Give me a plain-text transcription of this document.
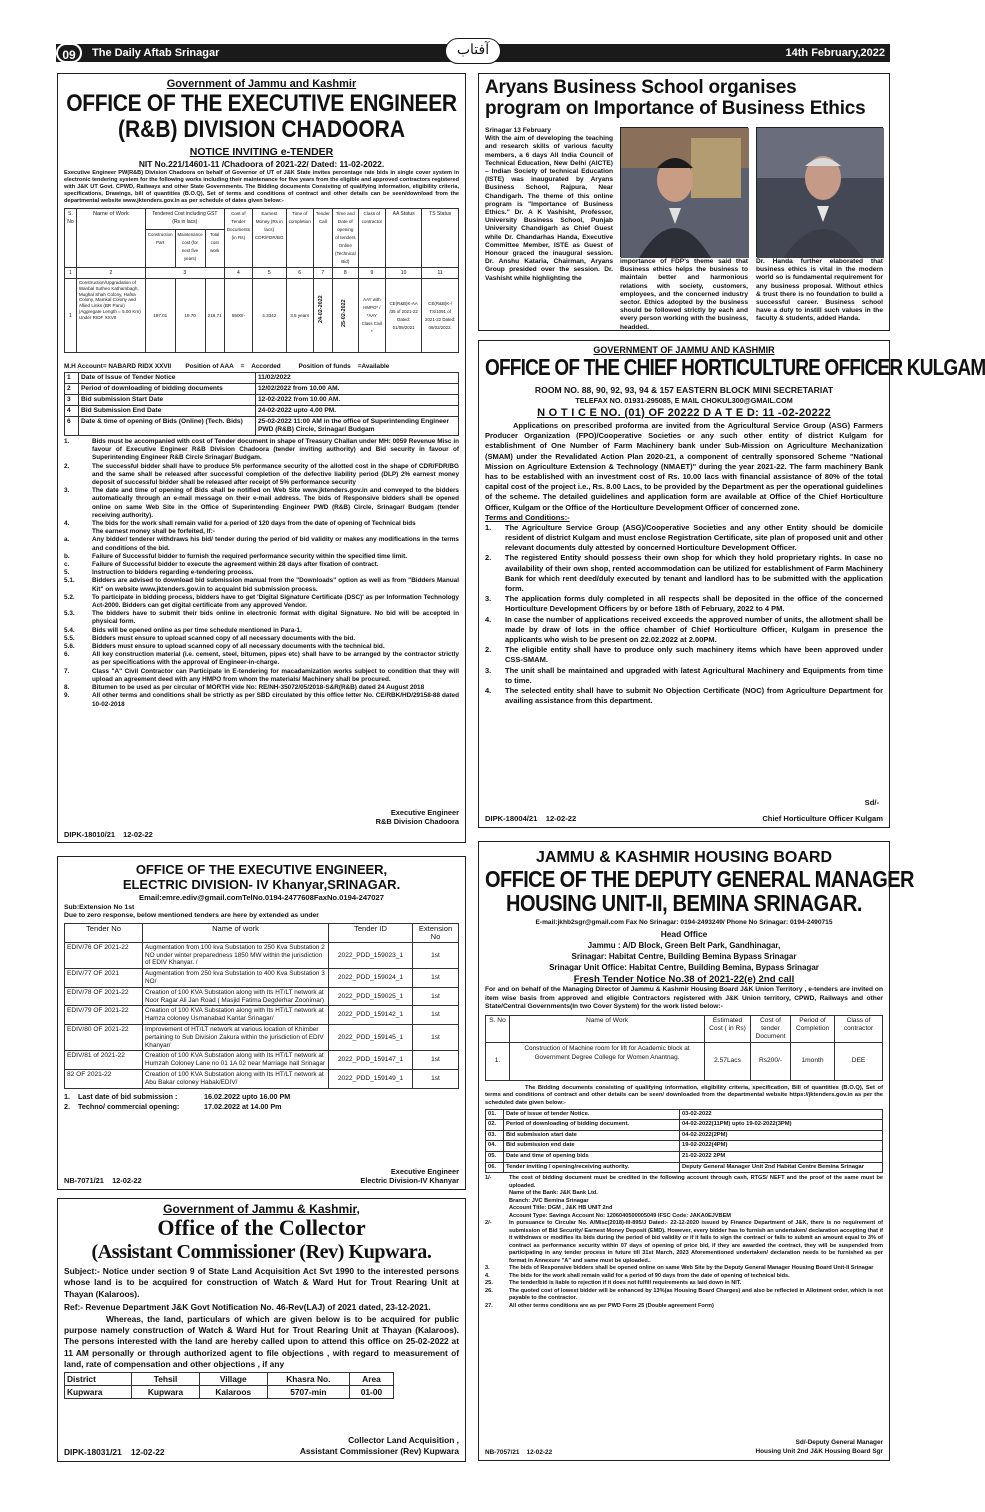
09	The Daily Aftab Srinagar	آفتاب	14th February,2022
Government of Jammu and Kashmir
OFFICE OF THE EXECUTIVE ENGINEER
(R&B) DIVISION CHADOORA
NOTICE INVITING e-TENDER
NIT No.221/14601-11 /Chadoora of 2021-22/ Dated: 11-02-2022.

Executive Engineer PW(R&B) Division Chadoora on behalf of Governor of UT of J&K State invites percentage rate bids in single cover system in electronic tendering system for the following works including their maintenance for five years from the eligible and approved contractors registered with J&K UT Govt. CPWD, Railways and other State Governments. The Bidding documents Consisting of qualifying information, eligibility criteria, specifications, Drawings, bill of quantities (B.O.Q), Set of terms and conditions of contract and other details can be seen/download from the departmental website www.jktenders.gov.in as per schedule of dates given below:-

S. No	Name of Work	Tendered Cost including GST (Rs in lacs)			Cost of Tender Documents (in Rs)	Earnest Money (Rs in lacs) CDR/FDR/BG	Time of completion	Tender Call	Time and Date of opening of tenders Online (Technical Bid)	Class of contractor	AA Status	TS Status
		Construction Part	Maintenance cost (for next five years)	Total cost work								
1	2	3			4	5	6	7	8	9	10	11
1	Construction/Upgradation of Wanbal Sutheo Kathambagh, Mughal Shah Colony, Hafsa Colony, Mamkal Colony and Allied Links (BR Parui) (Aggregate Length = 5.00 Km) Under RIDF XXVII	197.01	19.70	216.71	5500/-	4.3342	3.5 years	24-02-2022	25-02-2022	AAY with HMPO* / *AAY Class Civil *	CE(R&B)K-AA /35 of 2021-22 Dated: 01/09/2021	CE(R&B)K-/ TS/1091 of 2021-22 Dated: 08/02/2022.
M.H Account= NABARD RIDX XXVII        Position of AAA    =    Accorded          Position of funds    =Available
1	Date of Issue of Tender Notice	11/02/2022
2	Period of downloading of bidding documents	12/02/2022 from 10.00 AM.
3	Bid submission Start Date	12-02-2022 from 10.00 AM.
4	Bid Submission End Date	24-02-2022 upto 4.00 PM.
6	Date & time of opening of Bids (Online) (Tech. Bids)	25-02-2022 11:00 AM in the office of Superintending Engineer PWD (R&B) Circle, Srinagar/ Budgam
1.	Bids must be accompanied with cost of Tender document in shape of Treasury Challan under MH: 0059 Revenue Misc in favour of Executive Engineer R&B Division Chadoora (tender inviting authority) and Bid security in favour of Superintending Engineer R&B Circle Srinagar/ Budgam.
2.	The successful bidder shall have to produce 5% performance security of the allotted cost in the shape of CDR/FDR/BG and the same shall be released after successful completion of the defective liability period (DLP) 2% earnest money deposit of successful bidder shall be released after receipt of 5% performance security
3.	The date and time of opening of Bids shall be notified on Web Site www.jktenders.gov.in and conveyed to the bidders automatically through an e-mail message on their e-mail address. The bids of Responsive bidders shall be opened online on same Web Site in the Office of Superintending Engineer PWD (R&B) Circle, Srinagar/ Budgam (tender receiving authority).
4.	The bids for the work shall remain valid for a period of 120 days from the date of opening of Technical bids
The earnest money shall be forfeited, If:-
a.	Any bidder/ tenderer withdraws his bid/ tender during the period of bid validity or makes any modifications in the terms and conditions of the bid.
b.	Failure of Successful bidder to furnish the required performance security within the specified time limit.
c.	Failure of Successful bidder to execute the agreement within 28 days after fixation of contract.
5.	Instruction to bidders regarding e-tendering process.
5.1.	Bidders are advised to download bid submission manual from the "Downloads" option as well as from "Bidders Manual Kit" on website www.jktenders.gov.in to acquaint bid submission process.
5.2.	To participate in bidding process, bidders have to get 'Digital Signature Certificate (DSC)' as per Information Technology Act-2000. Bidders can get digital certificate from any approved Vendor.
5.3.	The bidders have to submit their bids online in electronic format with digital Signature. No bid will be accepted in physical form.
5.4.	Bids will be opened online as per time schedule mentioned in Para-1.
5.5.	Bidders must ensure to upload scanned copy of all necessary documents with the bid.
5.6.	Bidders must ensure to upload scanned copy of all necessary documents with the technical bid.
6.	All key construction material (i.e. cement, steel, bitumen, pipes etc) shall have to be arranged by the contractor strictly as per specifications with the approval of Engineer-in-charge.
7.	Class "A" Civil Contractor can Participate in E-tendering for macadamization works subject to condition that they will upload an agreement deed with any HMPO from whom the materials/ Machinery shall be procured.
8.	Bitumen to be used as per circular of MORTH vide No: RE/NH-35072/05/2018-S&R(R&B) dated 24 August 2018
9.	All other terms and conditions shall be strictly as per SBD circulated by this office letter No. CE/RBK/HD/29158-88 dated 10-02-2018
Executive Engineer
R&B Division Chadoora
DIPK-18010/21    12-02-22
Aryans Business School organises
program on Importance of Business Ethics

Srinagar 13 February
With the aim of developing the teaching and research skills of various faculty members, a 6 days All India Council of Technical Education, New Delhi (AICTE) – Indian Society of technical Education (ISTE) was inaugurated by Aryans Business School, Rajpura, Near Chandigarh. The theme of this online program is "Importance of Business Ethics." Dr. A K Vashisht, Professor, University Business School, Punjab University Chandigarh as Chief Guest while Dr. Chandarhas Handa, Executive Committee Member, ISTE as Guest of Honour graced the inaugural session. Dr. Anshu Kataria, Chairman, Aryans Group presided over the session. Dr. Vashisht while highlighting the

importance of FDP's theme said that Business ethics helps the business to maintain better and harmonious relations with society, customers, employees, and the concerned industry sector. Ethics adopted by the business should be followed strictly by each and every person working with the business, headded.

Dr. Handa further elaborated that business ethics is vital in the modern world so is fundamental requirement for any business proposal. Without ethics & trust there is no foundation to build a successful career. Business school have a duty to instill such values in the faculty & students, added Handa.

GOVERNMENT OF JAMMU AND KASHMIR
OFFICE OF THE CHIEF HORTICULTURE OFFICER KULGAM
ROOM NO. 88, 90, 92, 93, 94 & 157 EASTERN BLOCK MINI SECRETARIAT
TELEFAX NO. 01931-295085, E MAIL CHOKUL300@GMAIL.COM
N O T I C E NO. (01) OF 20222 D A T E D: 11 -02-20222

Applications on prescribed proforma are invited from the Agricultural Service Group (ASG) Farmers Producer Organization (FPO)/Cooperative Societies or any such other entity of district Kulgam for establishment of One Number of Farm Machinery bank under Sub-Mission on Agriculture Mechanization (SMAM) under the Revalidated Action Plan 2020-21, a component of centrally sponsored Scheme "National Mission on Agriculture Extension & Technology (NMAET)" during the year 2021-22. The farm machinery Bank has to be established with an investment cost of Rs. 10.00 lacs with financial assistance of 80% of the total capital cost of the project i.e., Rs. 8.00 Lacs, to be provided by the Department as per the operational guidelines of the scheme. The detailed guidelines and application form are available at Office of the Chief Horticulture Officer, Kulgam or the Office of the Horticulture Development Officer of concerned zone.

Terms and Conditions:-
1.	The Agriculture Service Group (ASG)/Cooperative Societies and any other Entity should be domicile resident of district Kulgam and must enclose Registration Certificate, site plan of proposed unit and other relevant documents duly attested by concerned Horticulture Development Officer.
2.	The registered Entity should possess their own shop for which they hold proprietary rights. In case no availability of their own shop, rented accommodation can be utilized for establishment of Farm Machinery Bank for which rent deed/duly executed by tenant and landlord has to be submitted with the application form.
3.	The application forms duly completed in all respects shall be deposited in the office of the concerned Horticulture Development Officers by or before 18th of February, 2022 to 4 PM.
4.	In case the number of applications received exceeds the approved number of units, the allotment shall be made by draw of lots in the office chamber of Chief Horticulture Officer, Kulgam in presence the applicants who wish to be present on 22.02.2022 at 2.00PM.
2.	The eligible entity shall have to produce only such machinery items which have been approved under CSS-SMAM.
3.	The unit shall be maintained and upgraded with latest Agricultural Machinery and Equipments from time to time.
4.	The selected entity shall have to submit No Objection Certificate (NOC) from Agriculture Department for availing assistance from this department.
Sd/-
DIPK-18004/21    12-02-22	Chief Horticulture Officer Kulgam
OFFICE OF THE EXECUTIVE ENGINEER,
ELECTRIC DIVISION- IV Khanyar,SRINAGAR.
Email:emre.ediv@gmail.comTelNo.0194-2477608FaxNo.0194-247027
Sub:Extension No 1st
Due to zero response, below mentioned tenders are here by extended as under
Tender No	Name of work	Tender ID	Extension No
EDIV/76 OF 2021-22	Augmentation from 100 kva Substation to 250 Kva Substation 2 NO under winter preparedness 1850 MW within the jurisdiction of EDIV Khanyar. /	2022_PDD_159023_1	1st
EDIV/77 OF 2021	Augmentation from 250 kva Substation to 400 Kva Substation 3 NO/	2022_PDD_159024_1	1st
EDIV/78 OF 2021-22	Creation of 100 KVA Substation along with Its HT/LT network at Noor Ragar Ali Jan Road ( Masjid Fatima Degderhar Zoonimar)	2022_PDD_159025_1	1st
EDIV/79 OF 2021-22	Creation of 100 KVA Substation along with Its HT/LT network at Hamza coloney Usmanabad Kantar Srinagar/	2022_PDD_159142_1	1st
EDIV/80 OF 2021-22	Improvement of HT/LT network at various location of Khimber pertaining to Sub Division Zakura within the jurisdiction of EDIV Khanyar/	2022_PDD_159145_1	1st
EDIV/81 of 2021-22	Creation of 100 KVA Substation along with Its HT/LT network at Humzah Coloney Lane no 01 1A 02 near Marriage hall Srinagar	2022_PDD_159147_1	1st
82 OF 2021-22	Creation of 100 KVA Substation along with Its HT/LT network at Abu Bakar coloney Habak/EDIV/	2022_PDD_159149_1	1st
1.    Last date of bid submission :	16.02.2022 upto 16.00 PM
2.    Techno/ commercial opening:	17.02.2022 at 14.00 Pm
Executive Engineer
Electric Division-IV Khanyar
NB-7071/21    12-02-22
Government of Jammu & Kashmir,
Office of the Collector
(Assistant Commissioner (Rev) Kupwara.

Subject:- Notice under section 9 of State Land Acquisition Act Svt 1990 to the interested persons whose land is to be acquired for construction of Watch & Ward Hut for Trout Rearing Unit at Thayan (Kalaroos).

Ref:- Revenue Department J&K Govt Notification No. 46-Rev(LAJ) of 2021 dated, 23-12-2021.

Whereas, the land, particulars of which are given below is to be acquired for public purpose namely construction of Watch & Ward Hut for Trout Rearing Unit at Thayan (Kalaroos). The persons interested with the land are hereby called upon to attend this office on 25-02-2022 at 11 AM personally or through authorized agent to file objections , with regard to measurement of land, rate of compensation and other objections , if any

District	Tehsil	Village	Khasra No.	Area
Kupwara	Kupwara	Kalaroos	5707-min	01-00
Collector Land Acquisition ,
Assistant Commissioner (Rev) Kupwara
DIPK-18031/21    12-02-22
JAMMU & KASHMIR HOUSING BOARD
OFFICE OF THE DEPUTY GENERAL MANAGER
HOUSING UNIT-II, BEMINA SRINAGAR.
E-mail:jkhb2sgr@gmail.com Fax No Srinagar: 0194-2493249/ Phone No Srinagar: 0194-2490715
Head Office
Jammu : A/D Block, Green Belt Park, Gandhinagar,
Srinagar: Habitat Centre, Building Bemina Bypass Srinagar
Srinagar Unit Office: Habitat Centre, Building Bemina, Bypass Srinagar
Fresh Tender Notice No.38 of 2021-22(e) 2nd call

For and on behalf of the Managing Director of Jammu & Kashmir Housing Board J&K Union Territory , e-tenders are invited on item wise basis from approved and eligible Contractors registered with J&K Union territory, CPWD, Railways and other State/Central Governments(In two Cover System) for the work listed below:-

S. No	Name of Work	Estimated Cost ( in Rs)	Cost of tender Document	Period of Completion	Class of contractor
1.	Construction of Machine room for lift for Academic block at Government Degree College for Women Anantnag.	2.57Lacs	Rs200/-	1month	DEE

The Bidding documents consisting of qualifying information, eligibility criteria, specification, Bill of quantities (B.O.Q), Set of terms and conditions of contract and other details can be seen/ downloaded from the departmental website https://jktenders.gov.in as per the scheduled date given below:-

01.	Date of issue of tender Notice.	03-02-2022
02.	Period of downloading of bidding document.	04-02-2022(11PM) upto 19-02-2022(3PM)
03.	Bid submission start date	04-02-2022(2PM)
04.	Bid submission end date	19-02-2022(4PM)
05.	Date and time of opening bids	21-02-2022 2PM
06.	Tender inviting / opening/receiving authority.	Deputy General Manager Unit 2nd Habitat Centre Bemina Srinagar
1/-	The cost of bidding document must be credited in the following account through cash, RTGS/ NEFT and the proof of the same must be uploaded.
Name of the Bank: J&K Bank Ltd.
Branch: JVC Bemina Srinagar
Account Title: DGM , J&K HB UNIT 2nd
Account Type: Savings Account No: 1206040500005049 IFSC Code: JAKA0EJVBEM
2/-	In pursuance to Circular No. A/Misc(2018)-III-895/J Dated:- 22-12-2020 issued by Finance Department of J&K, there is no requirement of submission of Bid Security/ Earnest Money Deposit (EMD). However, every bidder has to furnish an undertaken/ declaration accepting that if it withdraws or modifies its bids during the period of bid validity or if it fails to sign the contract or fails to submit an amount equal to 3% of contract as performance security within 07 days of opening of price bid, if they are awarded the contract, they will be suspended from participating in any tender process in future till 31st March, 2023 Aforementioned undertaken/ declaration needs to be furnished as per format in Annexure "A" and same must be uploaded..
3.	The bids of Responsive bidders shall be opened online on same Web Site by the Deputy General Manager Housing Board Unit-II Srinagar
4.	The bids for the work shall remain valid for a period of 90 days from the date of opening of technical bids.
25.	The tender/bid is liable to rejection if it does not fulfill requirements as laid down in NIT.
26.	The quoted cost of lowest bidder will be enhanced by 13%(as Housing Board Charges) and also be reflected in Allotment order, which is not payable to the contractor.
27.	All other terms conditions are as per PWD Form 25 (Double agreement Form)
Sd/-Deputy General Manager
Housing Unit 2nd J&K Housing Board Sgr
NB-7057/21    12-02-22
